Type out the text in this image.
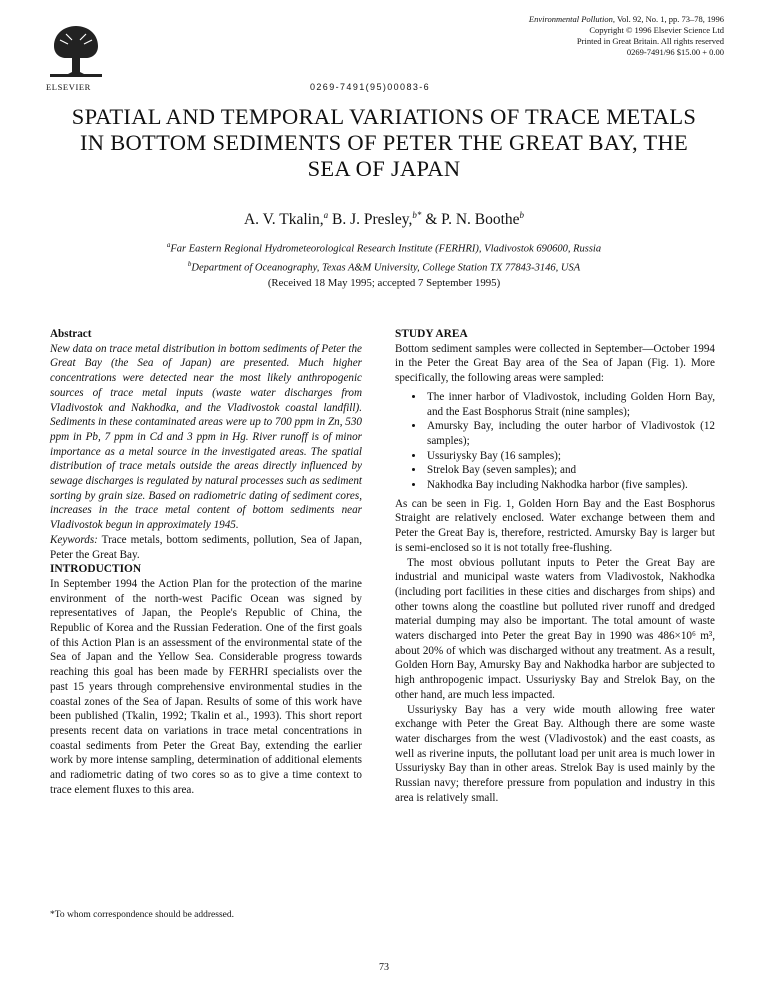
ELSEVIER	0269-7491(95)00083-6
Environmental Pollution, Vol. 92, No. 1, pp. 73–78, 1996
Copyright © 1996 Elsevier Science Ltd
Printed in Great Britain. All rights reserved
0269-7491/96 $15.00 + 0.00
SPATIAL AND TEMPORAL VARIATIONS OF TRACE METALS
IN BOTTOM SEDIMENTS OF PETER THE GREAT BAY, THE
SEA OF JAPAN
A. V. Tkalin,$^a$ B. J. Presley,$^{b*}$ & P. N. Boothe$^b$
$^a$Far Eastern Regional Hydrometeorological Research Institute (FERHRI), Vladivostok 690600, Russia
$^b$Department of Oceanography, Texas A&M University, College Station TX 77843-3146, USA
(Received 18 May 1995; accepted 7 September 1995)

Abstract

New data on trace metal distribution in bottom sediments of Peter the Great Bay (the Sea of Japan) are presented. Much higher concentrations were detected near the most likely anthropogenic sources of trace metal inputs (waste water discharges from Vladivostok and Nakhodka, and the Vladivostok coastal landfill). Sediments in these contaminated areas were up to 700 ppm in Zn, 530 ppm in Pb, 7 ppm in Cd and 3 ppm in Hg. River runoff is of minor importance as a metal source in the investigated areas. The spatial distribution of trace metals outside the areas directly influenced by sewage discharges is regulated by natural processes such as sediment sorting by grain size. Based on radiometric dating of sediment cores, increases in the trace metal content of bottom sediments near Vladivostok begun in approximately 1945.

Keywords: Trace metals, bottom sediments, pollution, Sea of Japan, Peter the Great Bay.

INTRODUCTION

In September 1994 the Action Plan for the protection of the marine environment of the north-west Pacific Ocean was signed by representatives of Japan, the People's Republic of China, the Republic of Korea and the Russian Federation. One of the first goals of this Action Plan is an assessment of the environmental state of the Sea of Japan and the Yellow Sea. Considerable progress towards reaching this goal has been made by FERHRI specialists over the past 15 years through comprehensive environmental studies in the coastal zones of the Sea of Japan. Results of some of this work have been published (Tkalin, 1992; Tkalin et al., 1993). This short report presents recent data on variations in trace metal concentrations in coastal sediments from Peter the Great Bay, extending the earlier work by more intense sampling, determination of additional elements and radiometric dating of two cores so as to give a time context to trace element fluxes to this area.

*To whom correspondence should be addressed.

STUDY AREA

Bottom sediment samples were collected in September—October 1994 in the Peter the Great Bay area of the Sea of Japan (Fig. 1). More specifically, the following areas were sampled:

• The inner harbor of Vladivostok, including Golden Horn Bay, and the East Bosphorus Strait (nine samples);
• Amursky Bay, including the outer harbor of Vladivostok (12 samples);
• Ussuriysky Bay (16 samples);
• Strelok Bay (seven samples); and
• Nakhodka Bay including Nakhodka harbor (five samples).

As can be seen in Fig. 1, Golden Horn Bay and the East Bosphorus Straight are relatively enclosed. Water exchange between them and Peter the Great Bay is, therefore, restricted. Amursky Bay is larger but is semi-enclosed so it is not totally free-flushing.

The most obvious pollutant inputs to Peter the Great Bay are industrial and municipal waste waters from Vladivostok, Nakhodka (including port facilities in these cities and discharges from ships) and other towns along the coastline but polluted river runoff and dredged material dumping may also be important. The total amount of waste waters discharged into Peter the great Bay in 1990 was 486×10⁶ m³, about 20% of which was discharged without any treatment. As a result, Golden Horn Bay, Amursky Bay and Nakhodka harbor are subjected to high anthropogenic impact. Ussuriysky Bay and Strelok Bay, on the other hand, are much less impacted.

Ussuriysky Bay has a very wide mouth allowing free water exchange with Peter the Great Bay. Although there are some waste water discharges from the west (Vladivostok) and the east coasts, as well as riverine inputs, the pollutant load per unit area is much lower in Ussuriysky Bay than in other areas. Strelok Bay is used mainly by the Russian navy; therefore pressure from population and industry in this area is relatively small.

73
